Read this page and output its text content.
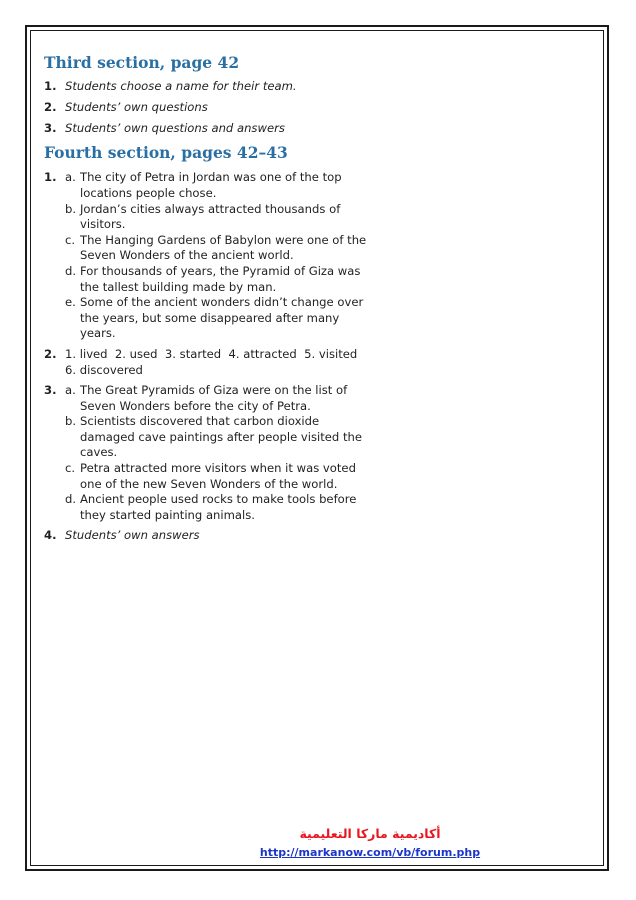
Third section, page 42
1. Students choose a name for their team.
2. Students’ own questions
3. Students’ own questions and answers
Fourth section, pages 42–43
1. a. The city of Petra in Jordan was one of the top locations people chose.
b. Jordan’s cities always attracted thousands of visitors.
c. The Hanging Gardens of Babylon were one of the Seven Wonders of the ancient world.
d. For thousands of years, the Pyramid of Giza was the tallest building made by man.
e. Some of the ancient wonders didn’t change over the years, but some disappeared after many years.
2. 1. lived  2. used  3. started  4. attracted  5. visited
6. discovered
3. a. The Great Pyramids of Giza were on the list of Seven Wonders before the city of Petra.
b. Scientists discovered that carbon dioxide damaged cave paintings after people visited the caves.
c. Petra attracted more visitors when it was voted one of the new Seven Wonders of the world.
d. Ancient people used rocks to make tools before they started painting animals.
4. Students’ own answers
أكاديمية ماركا التعليمية
http://markanow.com/vb/forum.php
